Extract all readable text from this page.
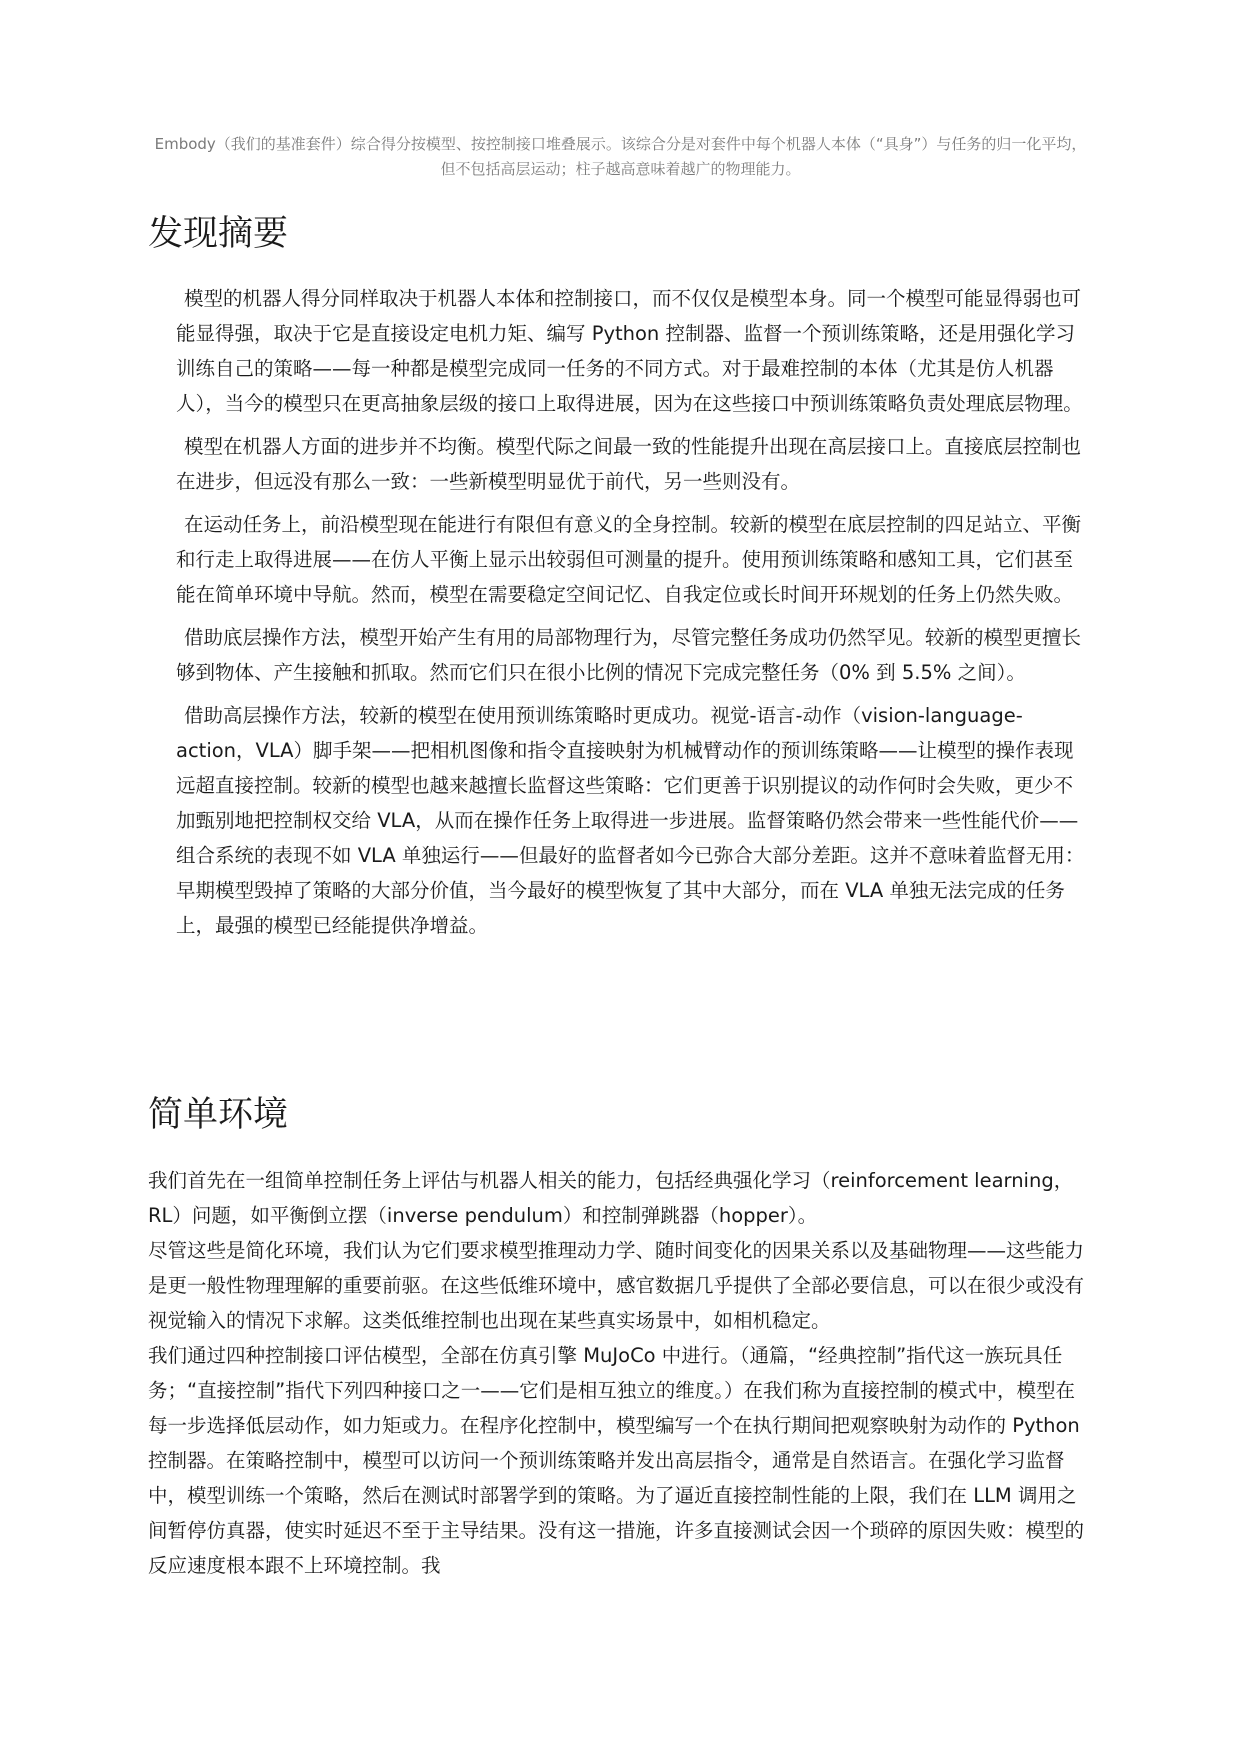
Embody（我们的基准套件）综合得分按模型、按控制接口堆叠展示。该综合分是对套件中每个机器人本体（“具身”）与任务的归一化平均，但不包括高层运动；柱子越高意味着越广的物理能力。
发现摘要
模型的机器人得分同样取决于机器人本体和控制接口，而不仅仅是模型本身。同一个模型可能显得弱也可能显得强，取决于它是直接设定电机力矩、编写 Python 控制器、监督一个预训练策略，还是用强化学习训练自己的策略——每一种都是模型完成同一任务的不同方式。对于最难控制的本体（尤其是仿人机器人），当今的模型只在更高抽象层级的接口上取得进展，因为在这些接口中预训练策略负责处理底层物理。
模型在机器人方面的进步并不均衡。模型代际之间最一致的性能提升出现在高层接口上。直接底层控制也在进步，但远没有那么一致：一些新模型明显优于前代，另一些则没有。
在运动任务上，前沿模型现在能进行有限但有意义的全身控制。较新的模型在底层控制的四足站立、平衡和行走上取得进展——在仿人平衡上显示出较弱但可测量的提升。使用预训练策略和感知工具，它们甚至能在简单环境中导航。然而，模型在需要稳定空间记忆、自我定位或长时间开环规划的任务上仍然失败。
借助底层操作方法，模型开始产生有用的局部物理行为，尽管完整任务成功仍然罕见。较新的模型更擅长够到物体、产生接触和抓取。然而它们只在很小比例的情况下完成完整任务（0% 到 5.5% 之间）。
借助高层操作方法，较新的模型在使用预训练策略时更成功。视觉-语言-动作（vision-language-action，VLA）脚手架——把相机图像和指令直接映射为机械臂动作的预训练策略——让模型的操作表现远超直接控制。较新的模型也越来越擅长监督这些策略：它们更善于识别提议的动作何时会失败，更少不加甄别地把控制权交给 VLA，从而在操作任务上取得进一步进展。监督策略仍然会带来一些性能代价——组合系统的表现不如 VLA 单独运行——但最好的监督者如今已弥合大部分差距。这并不意味着监督无用：早期模型毁掉了策略的大部分价值，当今最好的模型恢复了其中大部分，而在 VLA 单独无法完成的任务上，最强的模型已经能提供净增益。
简单环境

我们首先在一组简单控制任务上评估与机器人相关的能力，包括经典强化学习（reinforcement learning，RL）问题，如平衡倒立摆（inverse pendulum）和控制弹跳器（hopper）。

尽管这些是简化环境，我们认为它们要求模型推理动力学、随时间变化的因果关系以及基础物理——这些能力是更一般性物理理解的重要前驱。在这些低维环境中，感官数据几乎提供了全部必要信息，可以在很少或没有视觉输入的情况下求解。这类低维控制也出现在某些真实场景中，如相机稳定。

我们通过四种控制接口评估模型，全部在仿真引擎 MuJoCo 中进行。（通篇，“经典控制”指代这一族玩具任务；“直接控制”指代下列四种接口之一——它们是相互独立的维度。）在我们称为直接控制的模式中，模型在每一步选择低层动作，如力矩或力。在程序化控制中，模型编写一个在执行期间把观察映射为动作的 Python 控制器。在策略控制中，模型可以访问一个预训练策略并发出高层指令，通常是自然语言。在强化学习监督中，模型训练一个策略，然后在测试时部署学到的策略。为了逼近直接控制性能的上限，我们在 LLM 调用之间暂停仿真器，使实时延迟不至于主导结果。没有这一措施，许多直接测试会因一个琐碎的原因失败：模型的反应速度根本跟不上环境控制。我
